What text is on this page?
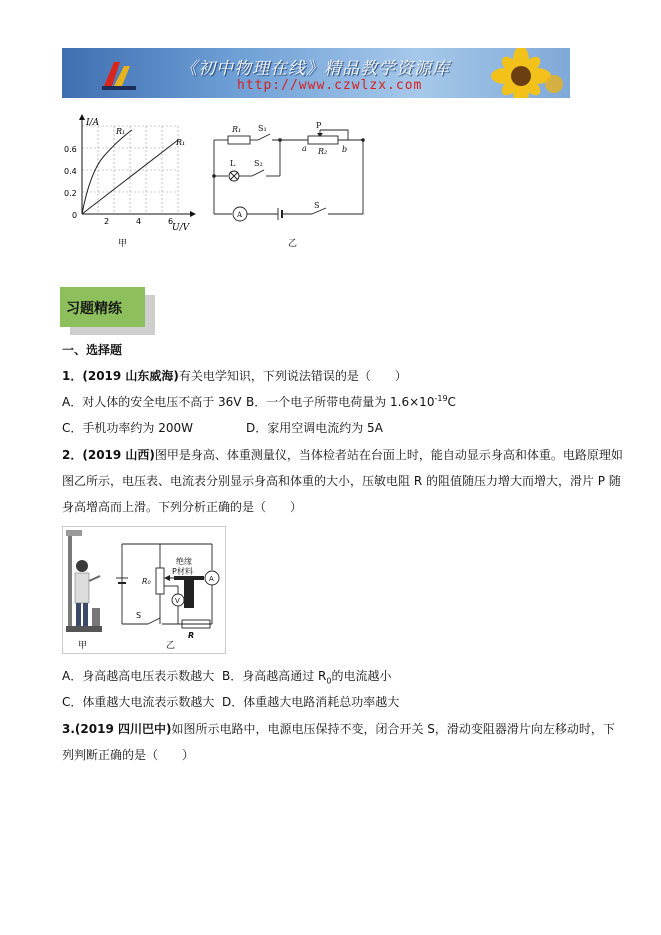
《初中物理在线》精品教学资源库
http://www.czwlzx.com
I/A
U/V
0.6
0.4
0.2
0
2	4	6
R₁
R₁
甲
R₁ S₁	P
a R₂ b
L S₂
A
S
乙
习题精练
一、选择题
1．(2019 山东威海)有关电学知识，下列说法错误的是（　　）
A．对人体的安全电压不高于 36V B．一个电子所带电荷量为 $1.6\times 10^{-19}C$
C．手机功率约为 200W	D．家用空调电流约为 5A
2．(2019 山西)图甲是身高、体重测量仪，当体检者站在台面上时，能自动显示身高和体重。电路原理如
图乙所示，电压表、电流表分别显示身高和体重的大小，压敏电阻 R 的阻值随压力增大而增大，滑片 P 随
身高增高而上滑。下列分析正确的是（　　）
甲
绝缘
P材料
R₀
V
A
S
R
乙
A．身高越高电压表示数越大 B．身高越高通过 $R_0$的电流越小
C．体重越大电流表示数越大 D．体重越大电路消耗总功率越大
3.(2019 四川巴中)如图所示电路中，电源电压保持不变，闭合开关 S，滑动变阻器滑片向左移动时，下
列判断正确的是（　　）
